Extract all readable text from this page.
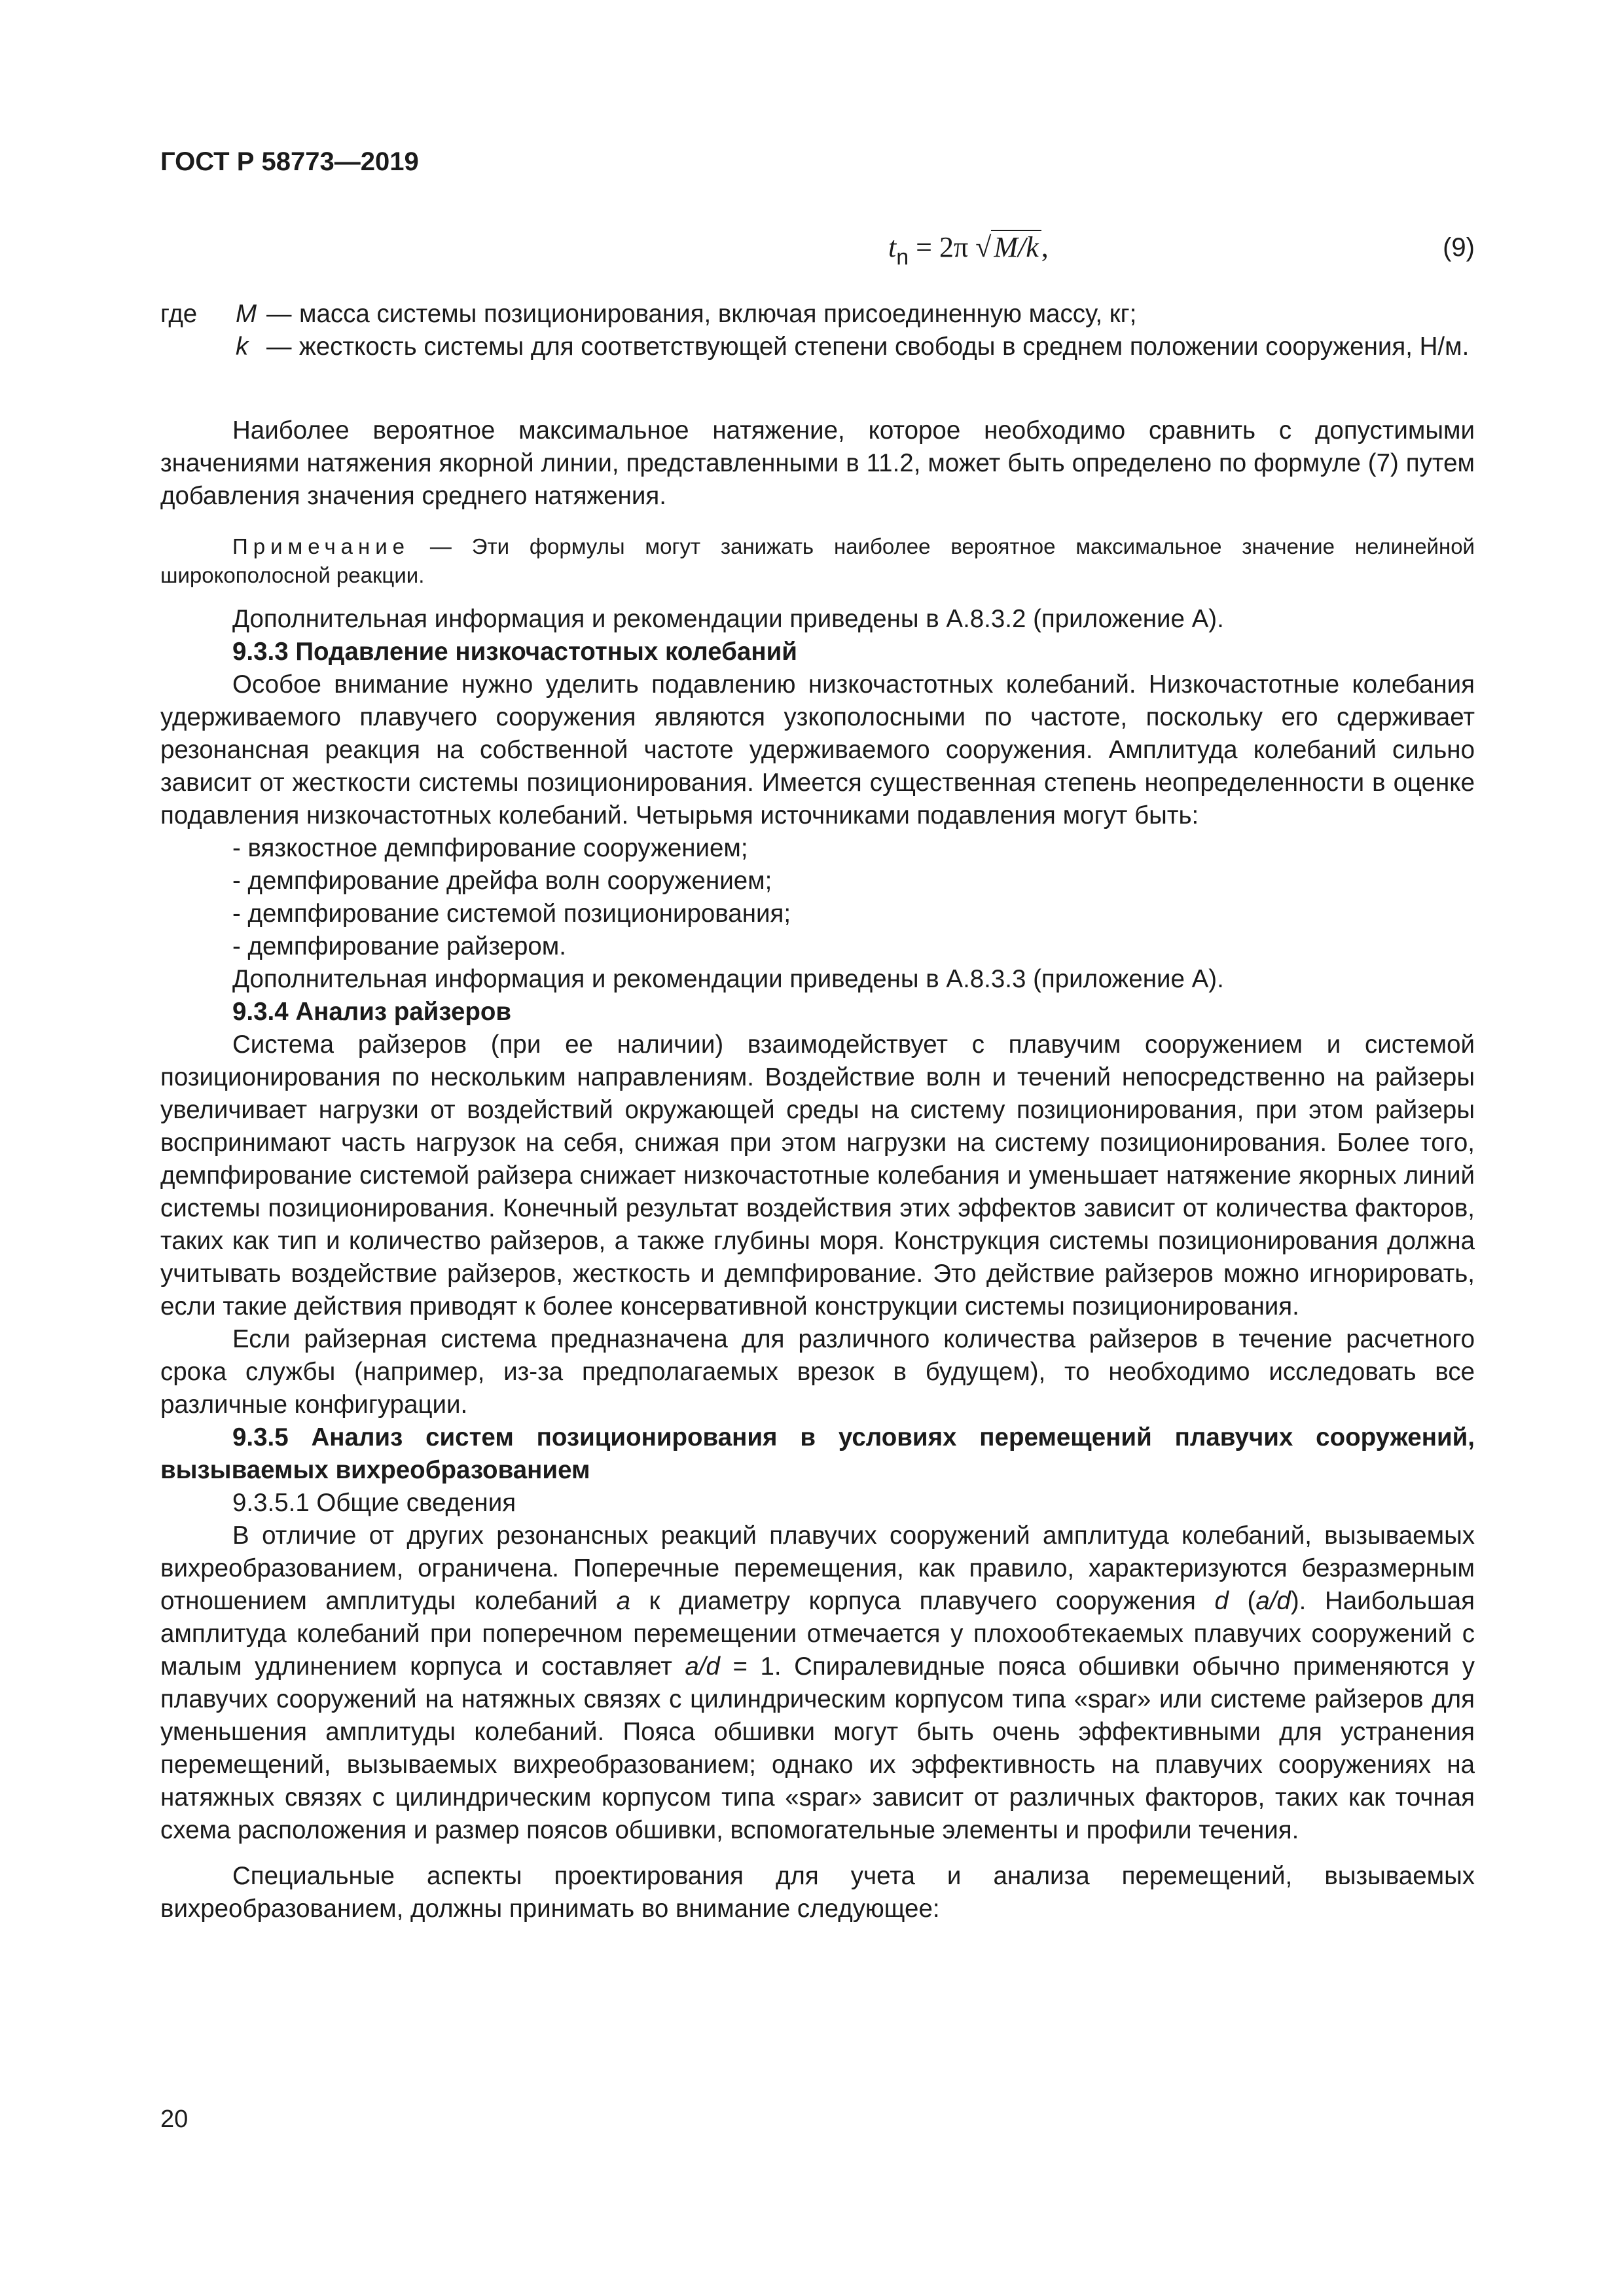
ГОСТ Р 58773—2019
$t_n = 2\pi$ √M/k,	(9)
где M — масса системы позиционирования, включая присоединенную массу, кг;
k — жесткость системы для соответствующей степени свободы в среднем положении сооружения, Н/м.

Наиболее вероятное максимальное натяжение, которое необходимо сравнить с допустимыми значениями натяжения якорной линии, представленными в 11.2, может быть определено по формуле (7) путем добавления значения среднего натяжения.

Примечание — Эти формулы могут занижать наиболее вероятное максимальное значение нелинейной широкополосной реакции.

Дополнительная информация и рекомендации приведены в А.8.3.2 (приложение А).

9.3.3 Подавление низкочастотных колебаний

Особое внимание нужно уделить подавлению низкочастотных колебаний. Низкочастотные колебания удерживаемого плавучего сооружения являются узкополосными по частоте, поскольку его сдерживает резонансная реакция на собственной частоте удерживаемого сооружения. Амплитуда колебаний сильно зависит от жесткости системы позиционирования. Имеется существенная степень неопределенности в оценке подавления низкочастотных колебаний. Четырьмя источниками подавления могут быть:

- вязкостное демпфирование сооружением;

- демпфирование дрейфа волн сооружением;

- демпфирование системой позиционирования;

- демпфирование райзером.

Дополнительная информация и рекомендации приведены в А.8.3.3 (приложение А).

9.3.4 Анализ райзеров

Система райзеров (при ее наличии) взаимодействует с плавучим сооружением и системой позиционирования по нескольким направлениям. Воздействие волн и течений непосредственно на райзеры увеличивает нагрузки от воздействий окружающей среды на систему позиционирования, при этом райзеры воспринимают часть нагрузок на себя, снижая при этом нагрузки на систему позиционирования. Более того, демпфирование системой райзера снижает низкочастотные колебания и уменьшает натяжение якорных линий системы позиционирования. Конечный результат воздействия этих эффектов зависит от количества факторов, таких как тип и количество райзеров, а также глубины моря. Конструкция системы позиционирования должна учитывать воздействие райзеров, жесткость и демпфирование. Это действие райзеров можно игнорировать, если такие действия приводят к более консервативной конструкции системы позиционирования.

Если райзерная система предназначена для различного количества райзеров в течение расчетного срока службы (например, из-за предполагаемых врезок в будущем), то необходимо исследовать все различные конфигурации.

9.3.5 Анализ систем позиционирования в условиях перемещений плавучих сооружений, вызываемых вихреобразованием

9.3.5.1 Общие сведения

В отличие от других резонансных реакций плавучих сооружений амплитуда колебаний, вызываемых вихреобразованием, ограничена. Поперечные перемещения, как правило, характеризуются безразмерным отношением амплитуды колебаний a к диаметру корпуса плавучего сооружения d (a/d). Наибольшая амплитуда колебаний при поперечном перемещении отмечается у плохообтекаемых плавучих сооружений с малым удлинением корпуса и составляет a/d = 1. Спиралевидные пояса обшивки обычно применяются у плавучих сооружений на натяжных связях с цилиндрическим корпусом типа «spar» или системе райзеров для уменьшения амплитуды колебаний. Пояса обшивки могут быть очень эффективными для устранения перемещений, вызываемых вихреобразованием; однако их эффективность на плавучих сооружениях на натяжных связях с цилиндрическим корпусом типа «spar» зависит от различных факторов, таких как точная схема расположения и размер поясов обшивки, вспомогательные элементы и профили течения.

Специальные аспекты проектирования для учета и анализа перемещений, вызываемых вихреобразованием, должны принимать во внимание следующее:

20
